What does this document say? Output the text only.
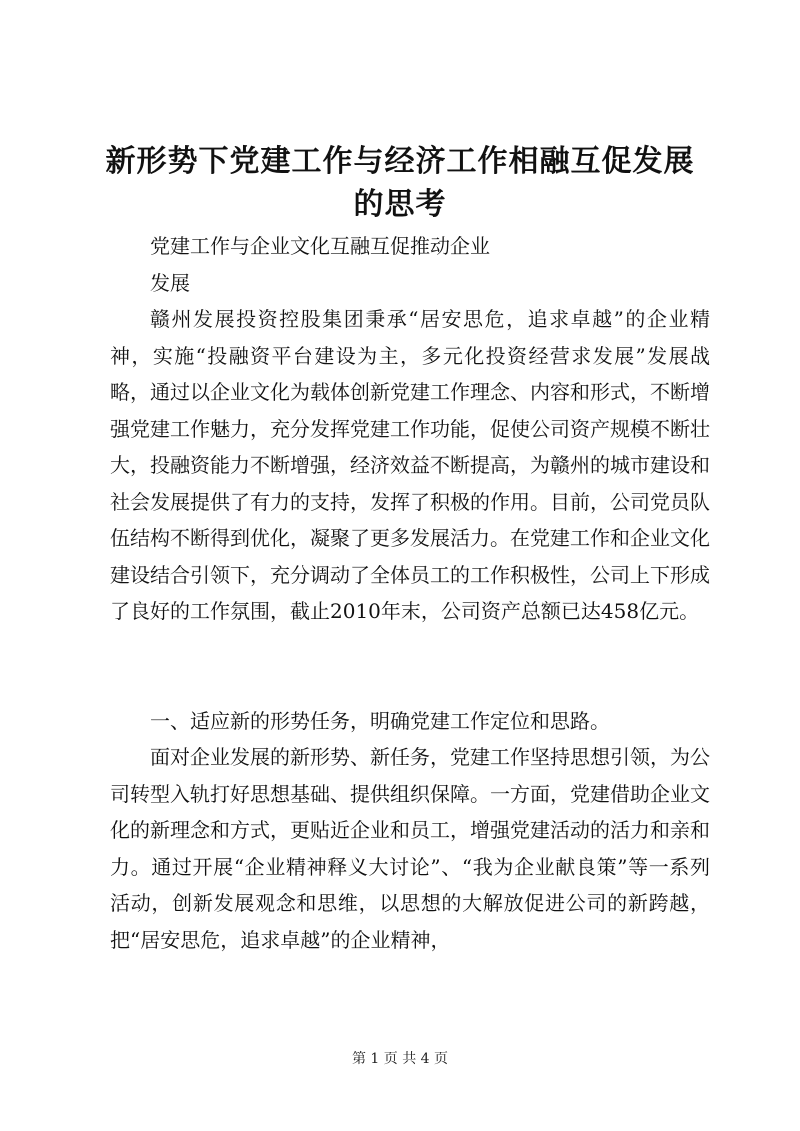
新形势下党建工作与经济工作相融互促发展的思考
党建工作与企业文化互融互促推动企业
发展
赣州发展投资控股集团秉承“居安思危，追求卓越”的企业精神，实施“投融资平台建设为主，多元化投资经营求发展”发展战略，通过以企业文化为载体创新党建工作理念、内容和形式，不断增强党建工作魅力，充分发挥党建工作功能，促使公司资产规模不断壮大，投融资能力不断增强，经济效益不断提高，为赣州的城市建设和社会发展提供了有力的支持，发挥了积极的作用。目前，公司党员队伍结构不断得到优化，凝聚了更多发展活力。在党建工作和企业文化建设结合引领下，充分调动了全体员工的工作积极性，公司上下形成了良好的工作氛围，截止2010年末，公司资产总额已达458亿元。
一、适应新的形势任务，明确党建工作定位和思路。
面对企业发展的新形势、新任务，党建工作坚持思想引领，为公司转型入轨打好思想基础、提供组织保障。一方面，党建借助企业文化的新理念和方式，更贴近企业和员工，增强党建活动的活力和亲和力。通过开展“企业精神释义大讨论”、“我为企业献良策”等一系列活动，创新发展观念和思维，以思想的大解放促进公司的新跨越，把“居安思危，追求卓越”的企业精神，
第 1 页 共 4 页
